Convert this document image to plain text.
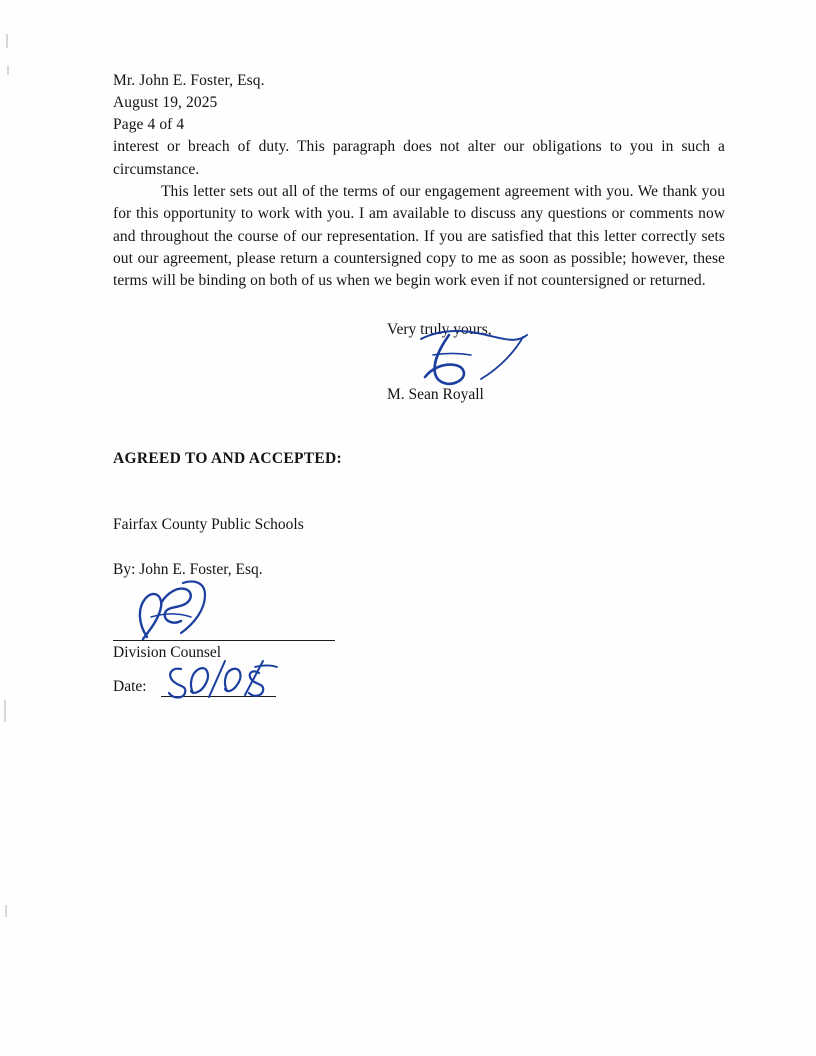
Mr. John E. Foster, Esq.
August 19, 2025
Page 4 of 4

interest or breach of duty. This paragraph does not alter our obligations to you in such a circumstance.

This letter sets out all of the terms of our engagement agreement with you. We thank you for this opportunity to work with you. I am available to discuss any questions or comments now and throughout the course of our representation. If you are satisfied that this letter correctly sets out our agreement, please return a countersigned copy to me as soon as possible; however, these terms will be binding on both of us when we begin work even if not countersigned or returned.

Very truly yours,
M. Sean Royall
AGREED TO AND ACCEPTED:
Fairfax County Public Schools
By: John E. Foster, Esq.
Division Counsel
Date:
